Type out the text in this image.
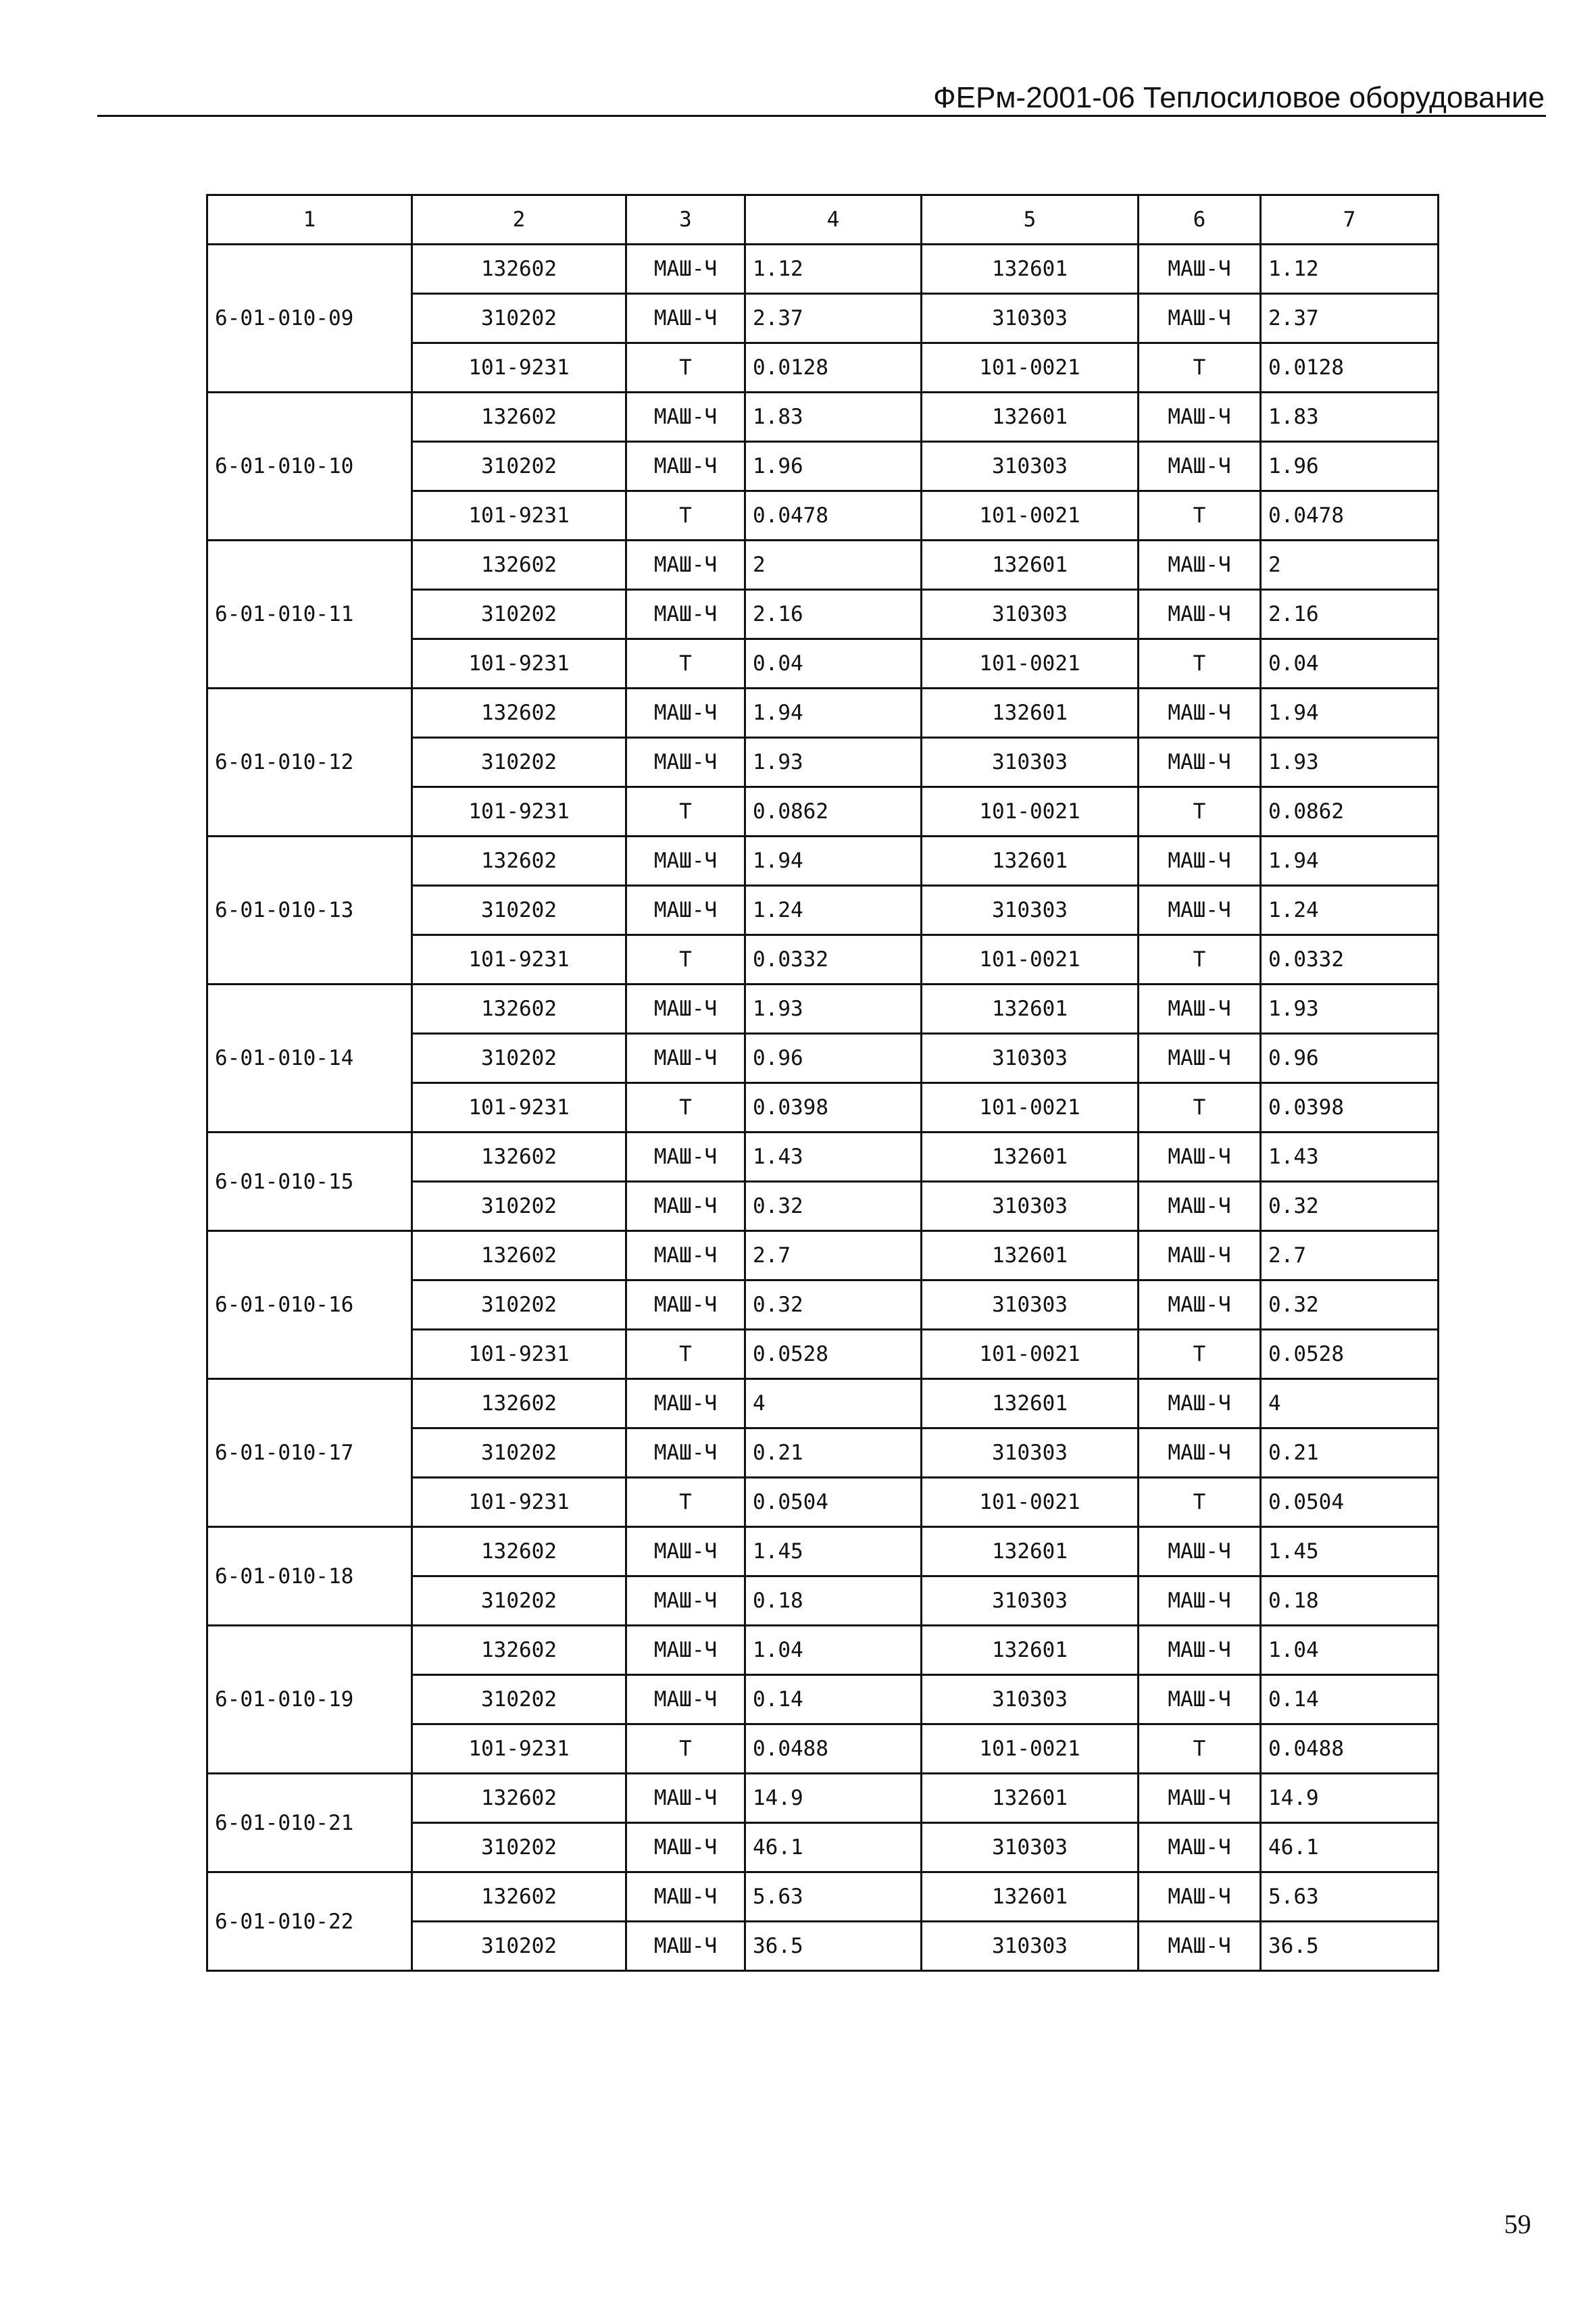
ФЕРм-2001-06 Теплосиловое оборудование
1	2	3	4	5	6	7
6-01-010-09	132602	МАШ-Ч	1.12	132601	МАШ-Ч	1.12
	310202	МАШ-Ч	2.37	310303	МАШ-Ч	2.37
	101-9231	Т	0.0128	101-0021	Т	0.0128
6-01-010-10	132602	МАШ-Ч	1.83	132601	МАШ-Ч	1.83
	310202	МАШ-Ч	1.96	310303	МАШ-Ч	1.96
	101-9231	Т	0.0478	101-0021	Т	0.0478
6-01-010-11	132602	МАШ-Ч	2	132601	МАШ-Ч	2
	310202	МАШ-Ч	2.16	310303	МАШ-Ч	2.16
	101-9231	Т	0.04	101-0021	Т	0.04
6-01-010-12	132602	МАШ-Ч	1.94	132601	МАШ-Ч	1.94
	310202	МАШ-Ч	1.93	310303	МАШ-Ч	1.93
	101-9231	Т	0.0862	101-0021	Т	0.0862
6-01-010-13	132602	МАШ-Ч	1.94	132601	МАШ-Ч	1.94
	310202	МАШ-Ч	1.24	310303	МАШ-Ч	1.24
	101-9231	Т	0.0332	101-0021	Т	0.0332
6-01-010-14	132602	МАШ-Ч	1.93	132601	МАШ-Ч	1.93
	310202	МАШ-Ч	0.96	310303	МАШ-Ч	0.96
	101-9231	Т	0.0398	101-0021	Т	0.0398
6-01-010-15	132602	МАШ-Ч	1.43	132601	МАШ-Ч	1.43
	310202	МАШ-Ч	0.32	310303	МАШ-Ч	0.32
6-01-010-16	132602	МАШ-Ч	2.7	132601	МАШ-Ч	2.7
	310202	МАШ-Ч	0.32	310303	МАШ-Ч	0.32
	101-9231	Т	0.0528	101-0021	Т	0.0528
6-01-010-17	132602	МАШ-Ч	4	132601	МАШ-Ч	4
	310202	МАШ-Ч	0.21	310303	МАШ-Ч	0.21
	101-9231	Т	0.0504	101-0021	Т	0.0504
6-01-010-18	132602	МАШ-Ч	1.45	132601	МАШ-Ч	1.45
	310202	МАШ-Ч	0.18	310303	МАШ-Ч	0.18
6-01-010-19	132602	МАШ-Ч	1.04	132601	МАШ-Ч	1.04
	310202	МАШ-Ч	0.14	310303	МАШ-Ч	0.14
	101-9231	Т	0.0488	101-0021	Т	0.0488
6-01-010-21	132602	МАШ-Ч	14.9	132601	МАШ-Ч	14.9
	310202	МАШ-Ч	46.1	310303	МАШ-Ч	46.1
6-01-010-22	132602	МАШ-Ч	5.63	132601	МАШ-Ч	5.63
	310202	МАШ-Ч	36.5	310303	МАШ-Ч	36.5
59
